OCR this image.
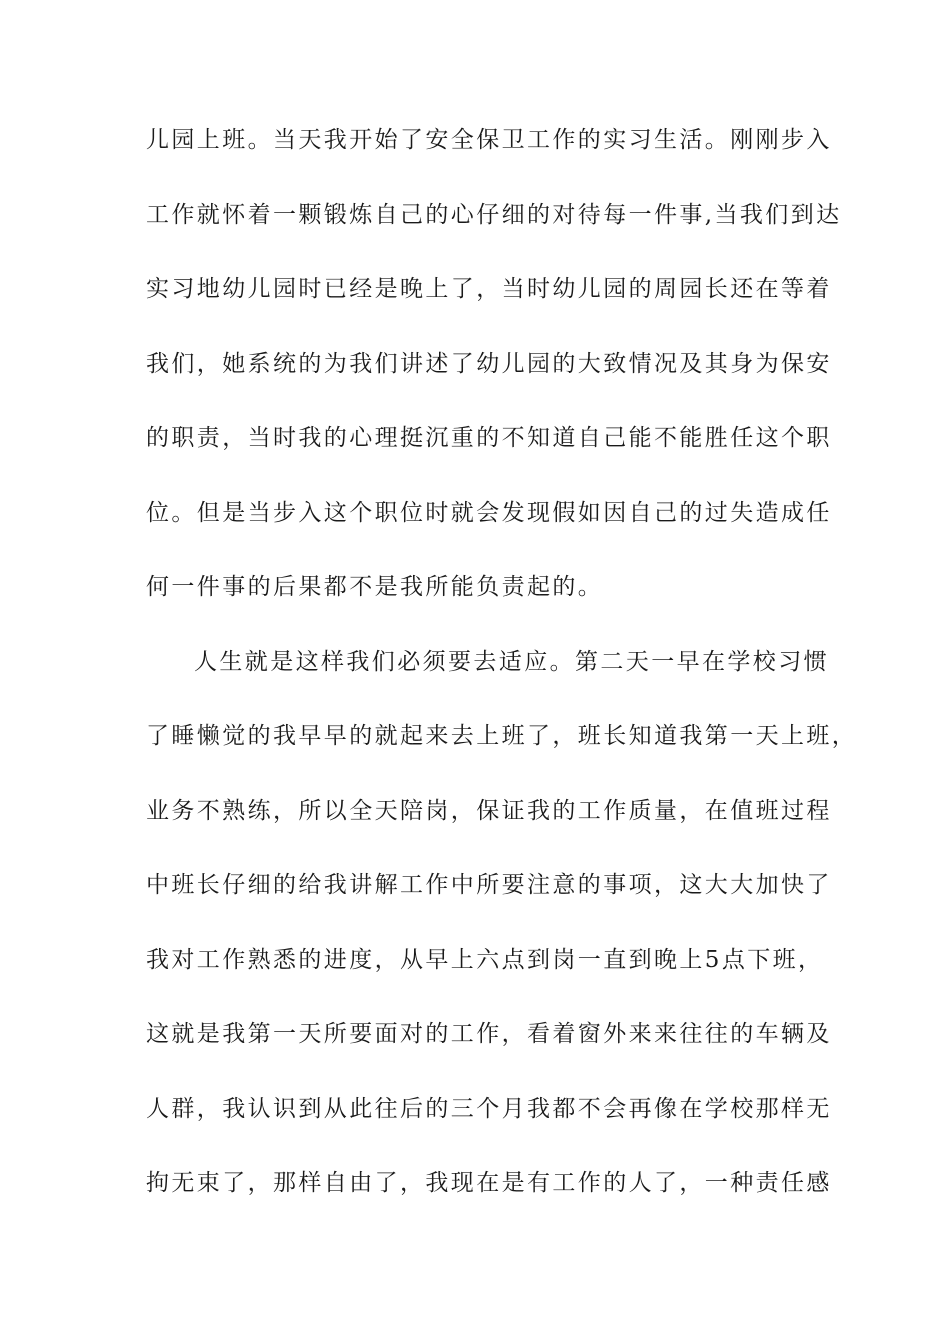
儿园上班。当天我开始了安全保卫工作的实习生活。刚刚步入
工作就怀着一颗锻炼自己的心仔细的对待每一件事,当我们到达
实习地幼儿园时已经是晚上了，当时幼儿园的周园长还在等着
我们，她系统的为我们讲述了幼儿园的大致情况及其身为保安
的职责，当时我的心理挺沉重的不知道自己能不能胜任这个职
位。但是当步入这个职位时就会发现假如因自己的过失造成任
何一件事的后果都不是我所能负责起的。
人生就是这样我们必须要去适应。第二天一早在学校习惯
了睡懒觉的我早早的就起来去上班了，班长知道我第一天上班，
业务不熟练，所以全天陪岗，保证我的工作质量，在值班过程
中班长仔细的给我讲解工作中所要注意的事项，这大大加快了
我对工作熟悉的进度，从早上六点到岗一直到晚上5点下班，
这就是我第一天所要面对的工作，看着窗外来来往往的车辆及
人群，我认识到从此往后的三个月我都不会再像在学校那样无
拘无束了，那样自由了，我现在是有工作的人了，一种责任感
